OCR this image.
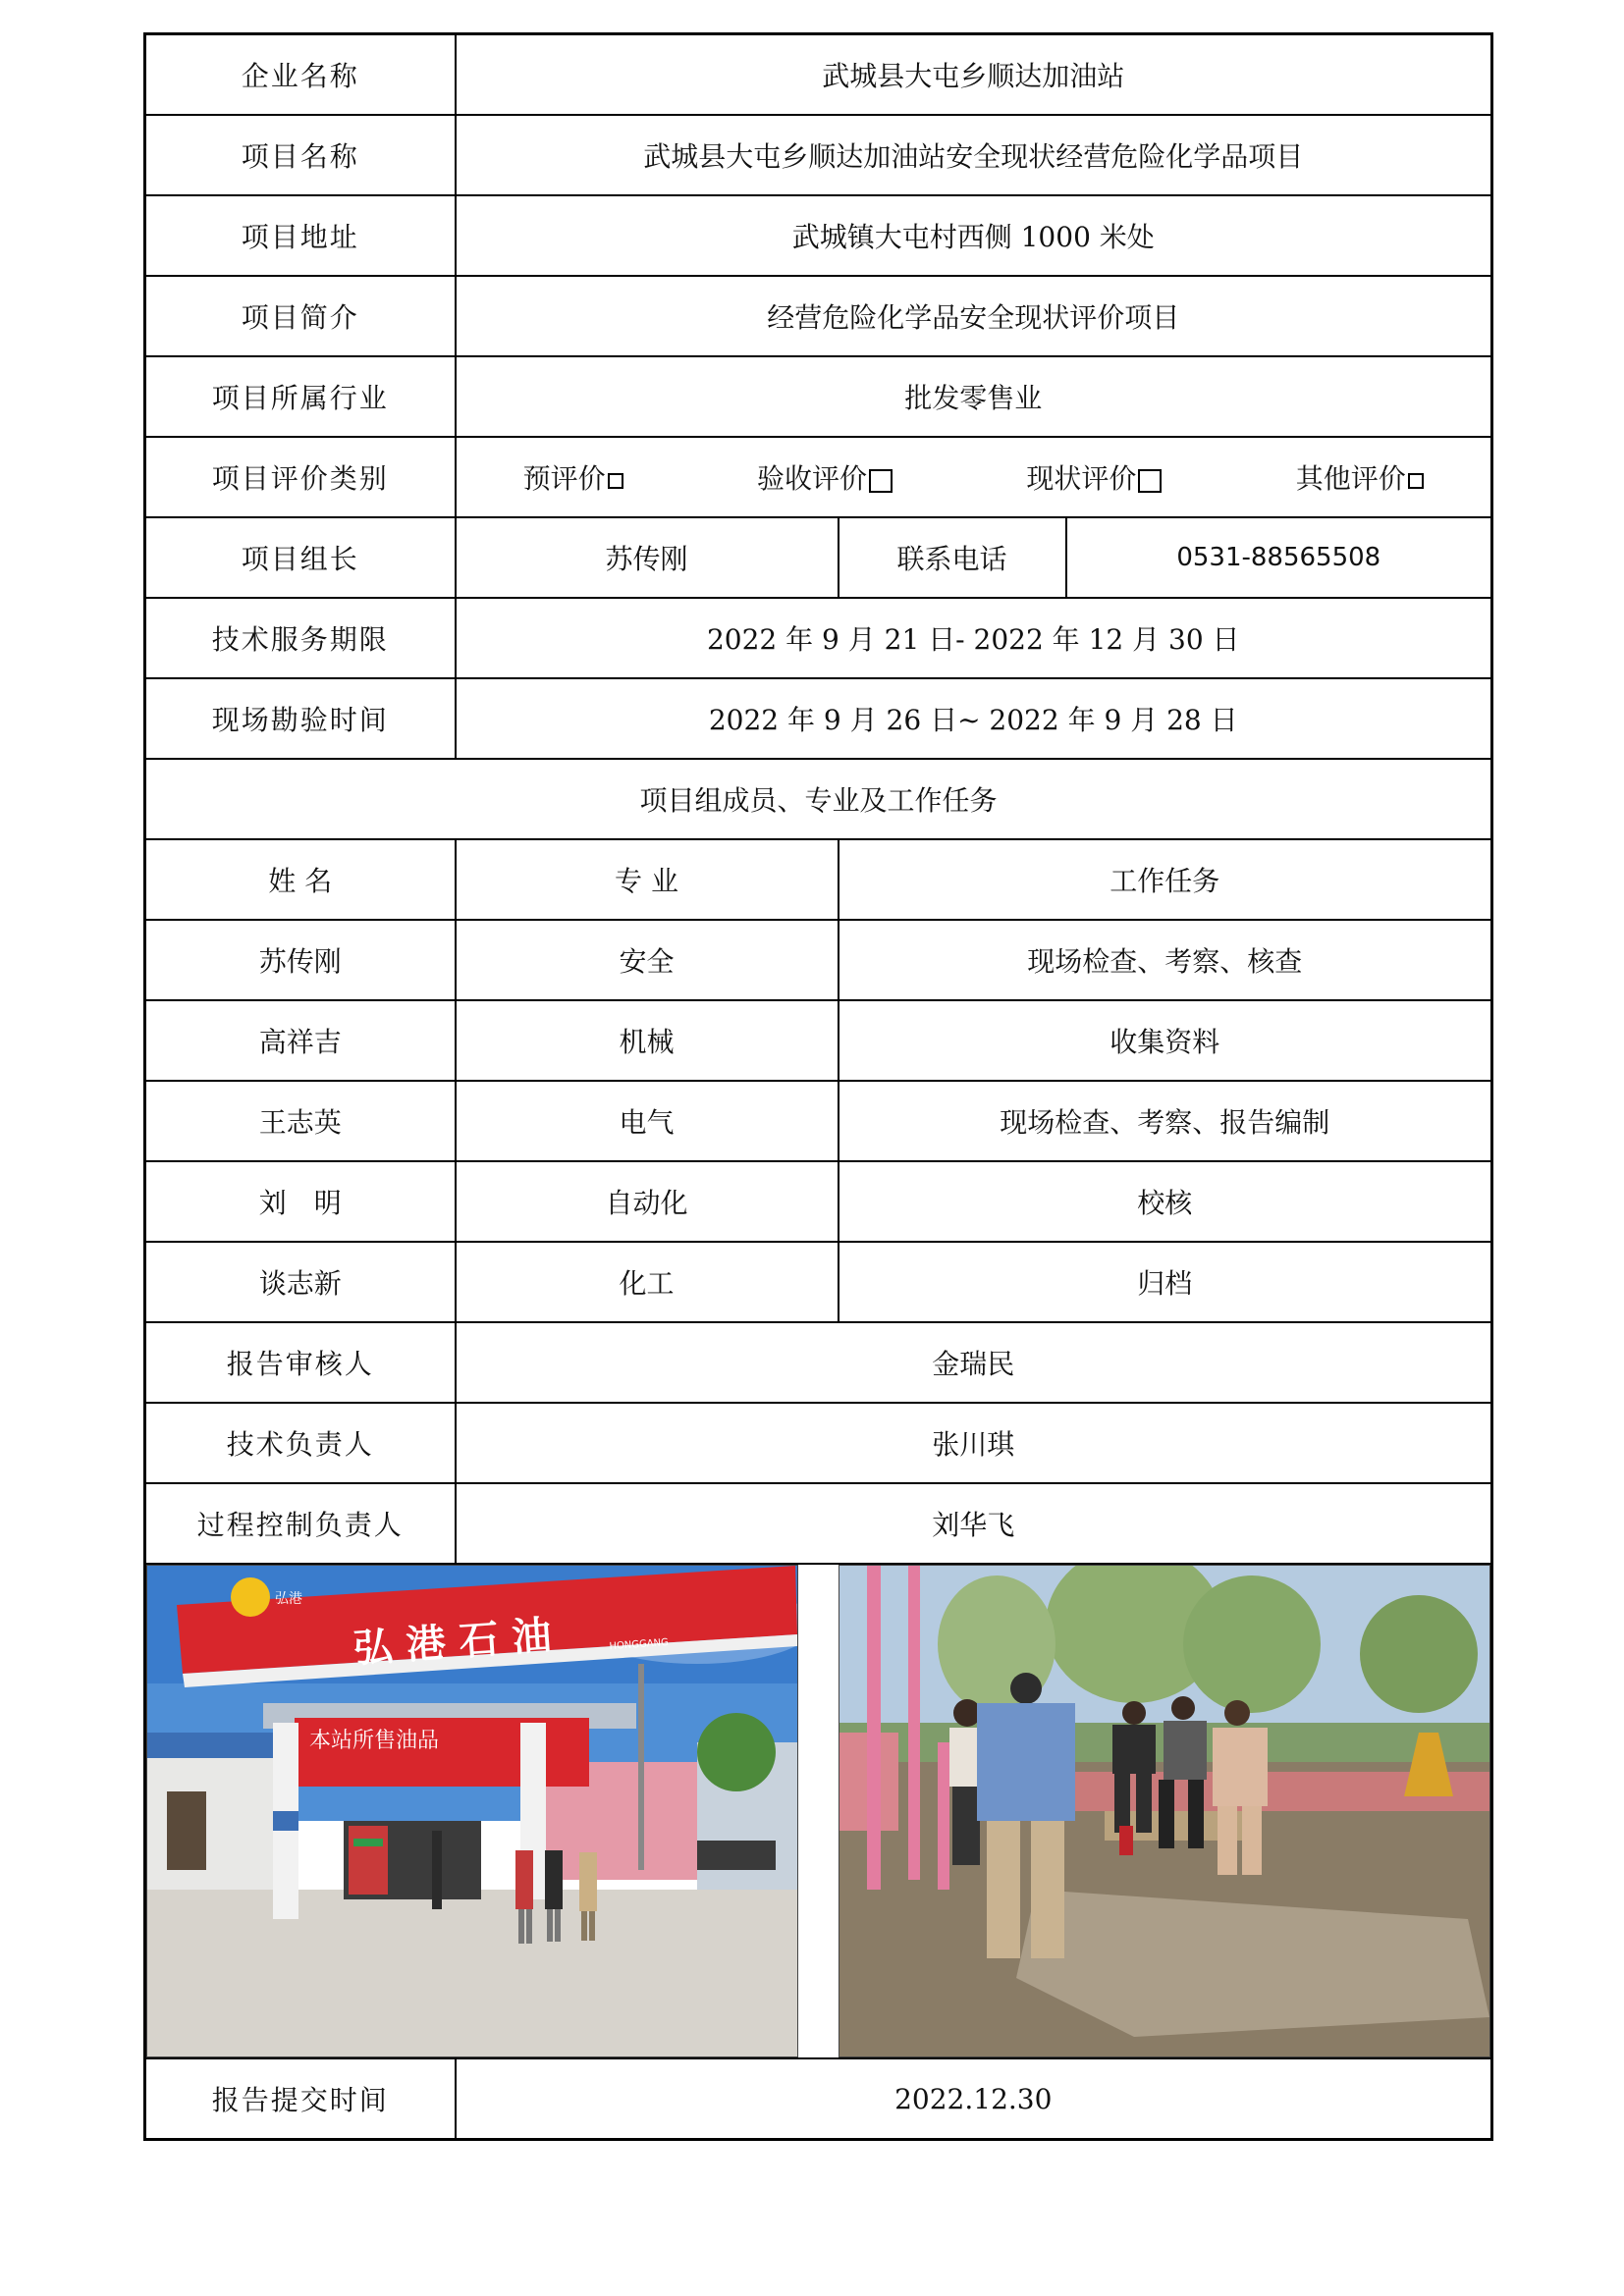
企业名称	武城县大屯乡顺达加油站		
项目名称	武城县大屯乡顺达加油站安全现状经营危险化学品项目		
项目地址	武城镇大屯村西侧 1000 米处		
项目简介	经营危险化学品安全现状评价项目		
项目所属行业	批发零售业		
项目评价类别	预评价 验收评价 现状评价 其他评价		

项目组长	苏传刚	联系电话	0531-88565508
技术服务期限	2022 年 9 月 21 日- 2022 年 12 月 30 日		
现场勘验时间	2022 年 9 月 26 日~ 2022 年 9 月 28 日		
项目组成员、专业及工作任务			
姓 名	专 业	工作任务	
苏传刚	安全	现场检查、考察、核查	
高祥吉	机械	收集资料	
王志英	电气	现场检查、考察、报告编制	
刘　明	自动化	校核	
谈志新	化工	归档	
报告审核人	金瑞民		
技术负责人	张川琪		
过程控制负责人	刘华飞		

弘 港 石 油 HONGGANG
弘港
本站所售油品			

报告提交时间	2022.12.30		
